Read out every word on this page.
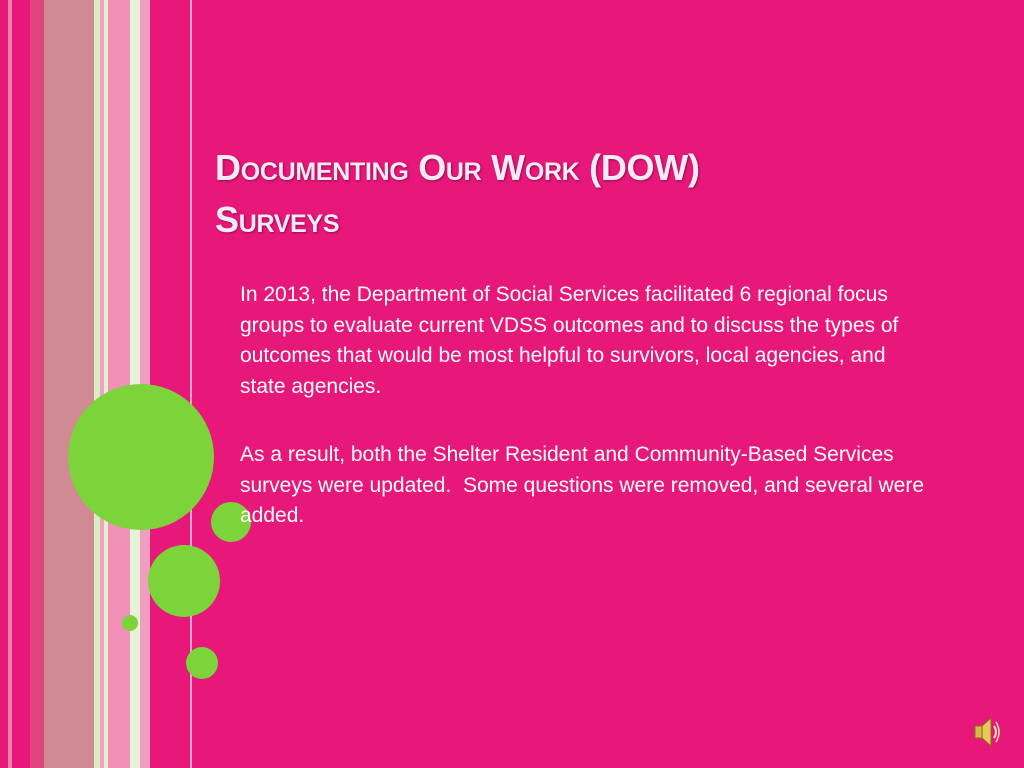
Documenting Our Work (DOW)
Surveys

In 2013, the Department of Social Services facilitated 6 regional focus groups to evaluate current VDSS outcomes and to discuss the types of outcomes that would be most helpful to survivors, local agencies, and state agencies.

As a result, both the Shelter Resident and Community-Based Services surveys were updated.  Some questions were removed, and several were added.
